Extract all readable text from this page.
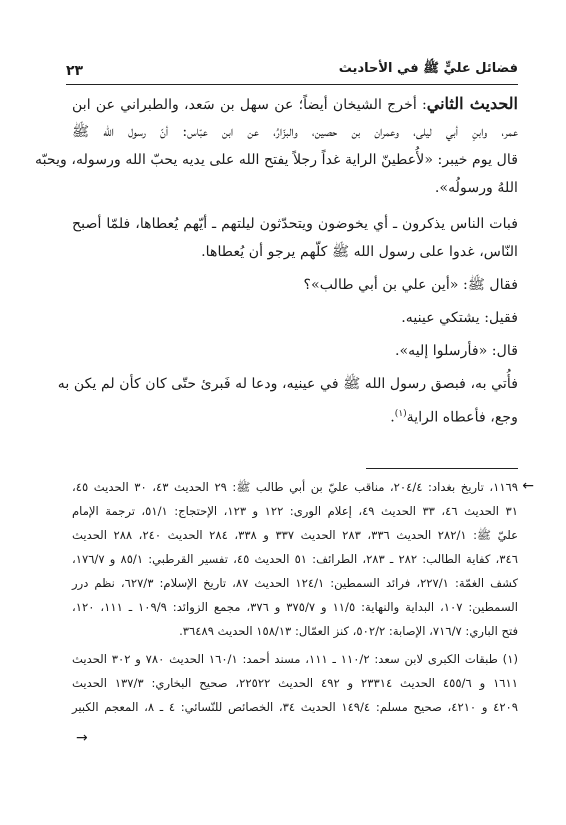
فضائل عليٍّ ﷺ في الأحاديث
٢٣
الحديث الثاني: أخرج الشيخان أيضاً؛ عن سهل بن سَعد، والطبراني عن ابن
عمر، وابنِ أبي ليلى، وعمران بن حصين، والبزّارُ، عن ابن عبّاس: أنّ رسول الله ﷺ
قال يوم خيبر: «لأُعطينّ الراية غداً رجلاً يفتح الله على يديه يحبّ الله ورسوله، ويحبّه
اللهُ ورسولُه».
فبات الناس يذكرون ـ أي يخوضون ويتحدّثون ليلتهم ـ أيّهم يُعطاها، فلمّا أصبح
النّاس، غدوا على رسول الله ﷺ كلّهم يرجو أن يُعطاها.
فقال ﷺ: «أين علي بن أبي طالب»؟
فقيل: يشتكي عينيه.
قال: «فأرسلوا إليه».
فأُتي به، فبصق رسول الله ﷺ في عينيه، ودعا له فَبرئ حتّى كان كأن لم يكن به
وجع، فأعطاه الراية$^{(١)}$.
←
١١٦٩، تاريخ بغداد: ٢٠٤/٤، مناقب عليّ بن أبي طالب ﷺ: ٢٩ الحديث ٤٣، ٣٠ الحديث ٤٥،
٣١ الحديث ٤٦، ٣٣ الحديث ٤٩، إعلام الورى: ١٢٢ و ١٢٣، الإحتجاج: ٥١/١، ترجمة الإمام
عليّ ﷺ: ٢٨٢/١ الحديث ٣٣٦، ٢٨٣ الحديث ٣٣٧ و ٣٣٨، ٢٨٤ الحديث ٢٤٠، ٢٨٨ الحديث
٣٤٦، كفاية الطالب: ٢٨٢ ـ ٢٨٣، الطرائف: ٥١ الحديث ٤٥، تفسير القرطبي: ٨٥/١ و ١٧٦/٧،
كشف الغمّة: ٢٢٧/١، فرائد السمطين: ١٢٤/١ الحديث ٨٧، تاريخ الإسلام: ٦٢٧/٣، نظم درر
السمطين: ١٠٧، البداية والنهاية: ١١/٥ و ٣٧٥/٧ و ٣٧٦، مجمع الزوائد: ١٠٩/٩ ـ ١١١، ١٢٠،
فتح الباري: ٧١٦/٧، الإصابة: ٥٠٢/٢، كنز العمّال: ١٥٨/١٣ الحديث ٣٦٤٨٩.
(١) طبقات الكبرى لابن سعد: ١١٠/٢ ـ ١١١، مسند أحمد: ١٦٠/١ الحديث ٧٨٠ و ٣٠٢ الحديث
١٦١١ و ٤٥٥/٦ الحديث ٢٣٣١٤ و ٤٩٢ الحديث ٢٢٥٢٢، صحيح البخاري: ١٣٧/٣ الحديث
٤٢٠٩ و ٤٢١٠، صحيح مسلم: ١٤٩/٤ الحديث ٣٤، الخصائص للنّسائي: ٤ ـ ٨، المعجم الكبير
→
